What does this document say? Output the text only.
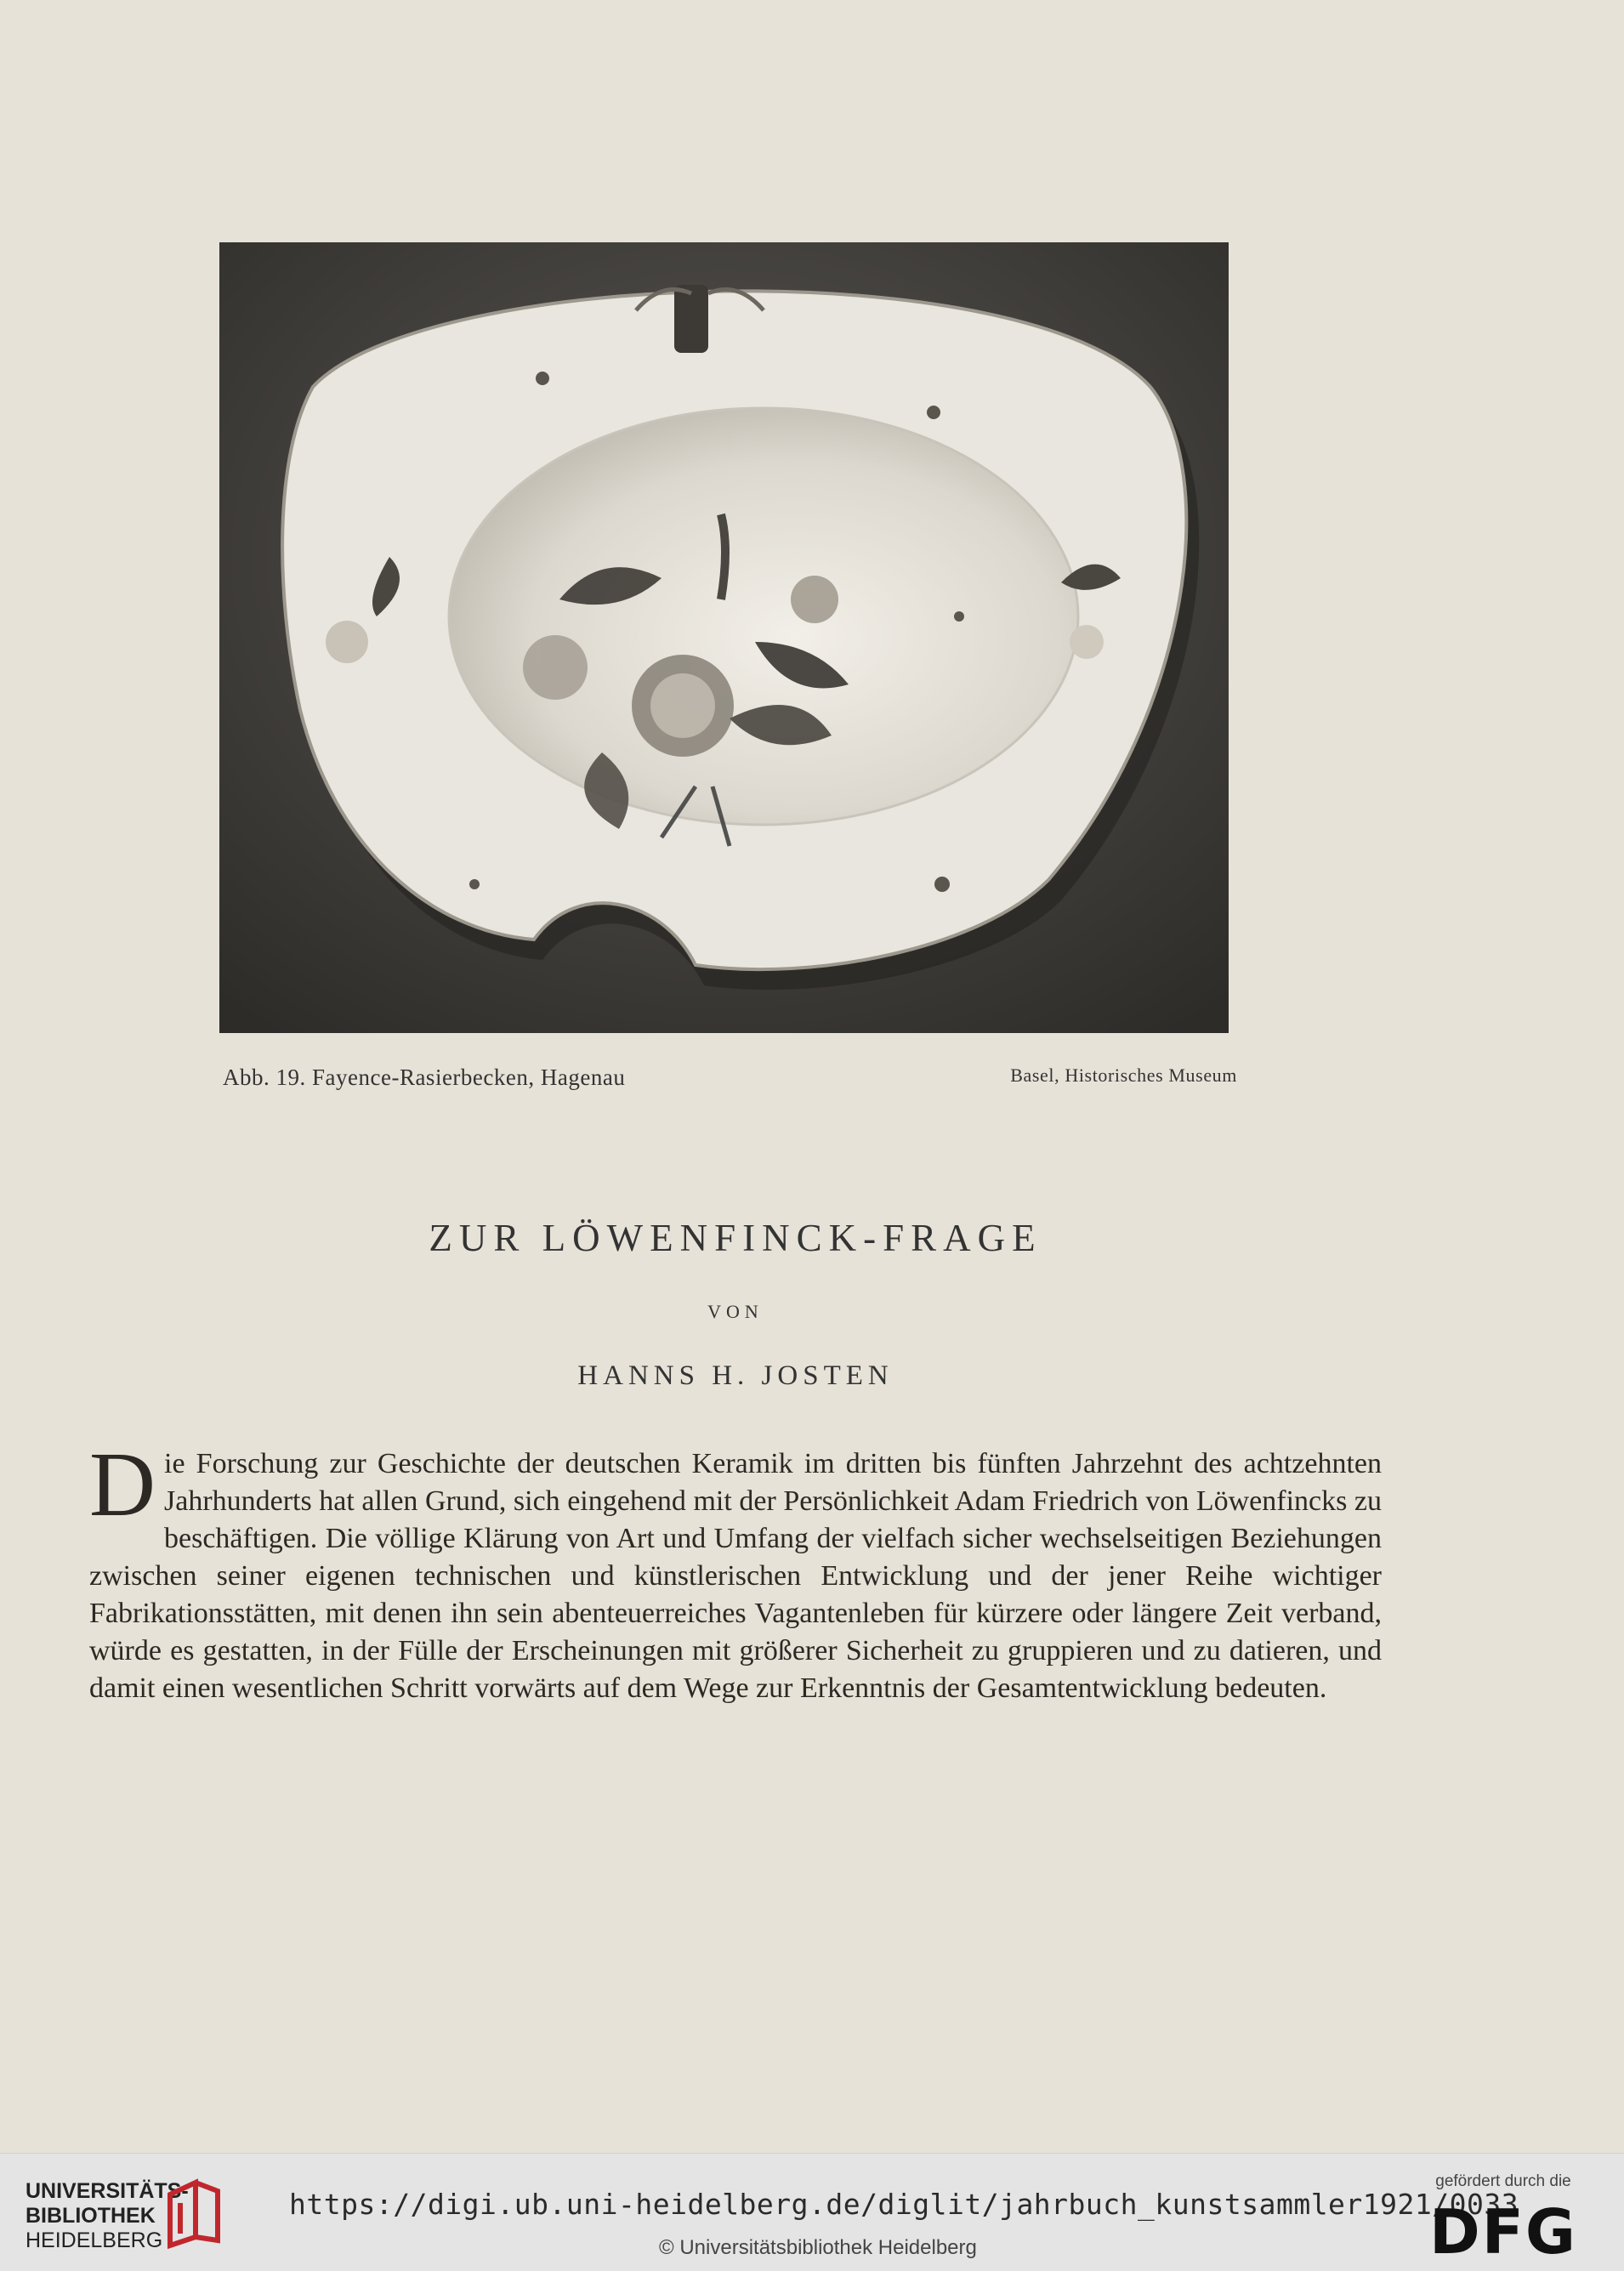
Abb. 19. Fayence-Rasierbecken, Hagenau	Basel, Historisches Museum
ZUR LÖWENFINCK-FRAGE
VON
HANNS H. JOSTEN
Die Forschung zur Geschichte der deutschen Keramik im dritten bis fünften Jahrzehnt des achtzehnten Jahrhunderts hat allen Grund, sich eingehend mit der Persönlichkeit Adam Friedrich von Löwenfincks zu beschäftigen. Die völlige Klärung von Art und Umfang der vielfach sicher wechselseitigen Beziehungen zwischen seiner eigenen technischen und künstlerischen Entwicklung und der jener Reihe wichtiger Fabrikationsstätten, mit denen ihn sein abenteuerreiches Vagantenleben für kürzere oder längere Zeit verband, würde es gestatten, in der Fülle der Erscheinungen mit größerer Sicherheit zu gruppieren und zu datieren, und damit einen wesentlichen Schritt vorwärts auf dem Wege zur Erkenntnis der Gesamtentwicklung bedeuten.
UNIVERSITÄTS-
BIBLIOTHEK
HEIDELBERG
https://digi.ub.uni-heidelberg.de/diglit/jahrbuch_kunstsammler1921/0033
© Universitätsbibliothek Heidelberg
gefördert durch die
DFG
